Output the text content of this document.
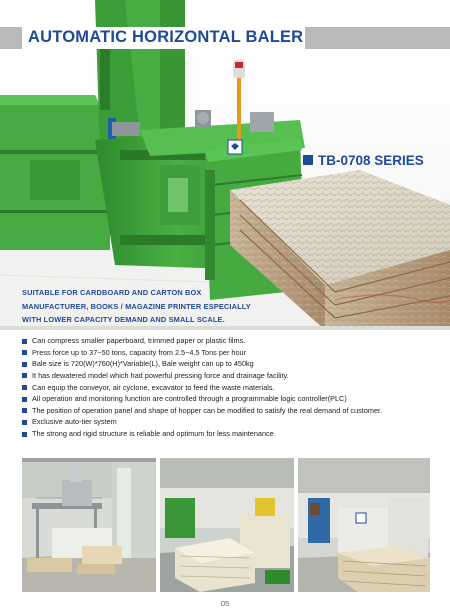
AUTOMATIC HORIZONTAL BALER
TB-0708 SERIES
SUITABLE FOR CARDBOARD AND CARTON BOX
MANUFACTURER, BOOKS / MAGAZINE PRINTER ESPECIALLY
WITH LOWER CAPACITY DEMAND AND SMALL SCALE.
Can compress smaller paperboard, trimmed paper or plastic films.
Press force up to 37~50 tons, capacity from 2.5~4.5 Tons per hour
Bale size is 720(W)*760(H)*Variable(L), Bale weight can up to 450kg
It has dewatered model which had powerful pressing force and drainage facility.
Can equip the conveyor, air cyclone, excavator to feed the waste materials.
All operation and monitoring function are controlled through a programmable logic controller(PLC)
The position of operation panel and shape of hopper can be modified to satisfy the real demand of customer.
Exclusive auto-tier system
The strong and rigid structure is reliable and optimum for less maintenance
05
